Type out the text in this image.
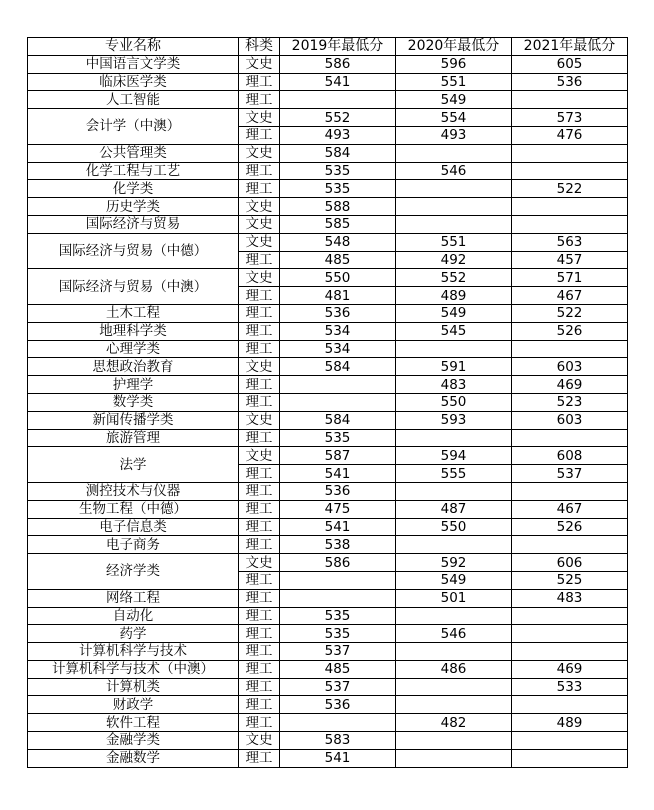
专业名称	科类	2019年最低分	2020年最低分	2021年最低分
中国语言文学类	文史	586	596	605
临床医学类	理工	541	551	536
人工智能	理工		549	
会计学（中澳）	文史	552	554	573
	理工	493	493	476
公共管理类	文史	584		
化学工程与工艺	理工	535	546	
化学类	理工	535		522
历史学类	文史	588		
国际经济与贸易	文史	585		
国际经济与贸易（中德）	文史	548	551	563
	理工	485	492	457
国际经济与贸易（中澳）	文史	550	552	571
	理工	481	489	467
土木工程	理工	536	549	522
地理科学类	理工	534	545	526
心理学类	理工	534		
思想政治教育	文史	584	591	603
护理学	理工		483	469
数学类	理工		550	523
新闻传播学类	文史	584	593	603
旅游管理	理工	535		
法学	文史	587	594	608
	理工	541	555	537
测控技术与仪器	理工	536		
生物工程（中德）	理工	475	487	467
电子信息类	理工	541	550	526
电子商务	理工	538		
经济学类	文史	586	592	606
	理工		549	525
网络工程	理工		501	483
自动化	理工	535		
药学	理工	535	546	
计算机科学与技术	理工	537		
计算机科学与技术（中澳）	理工	485	486	469
计算机类	理工	537		533
财政学	理工	536		
软件工程	理工		482	489
金融学类	文史	583		
金融数学	理工	541		
